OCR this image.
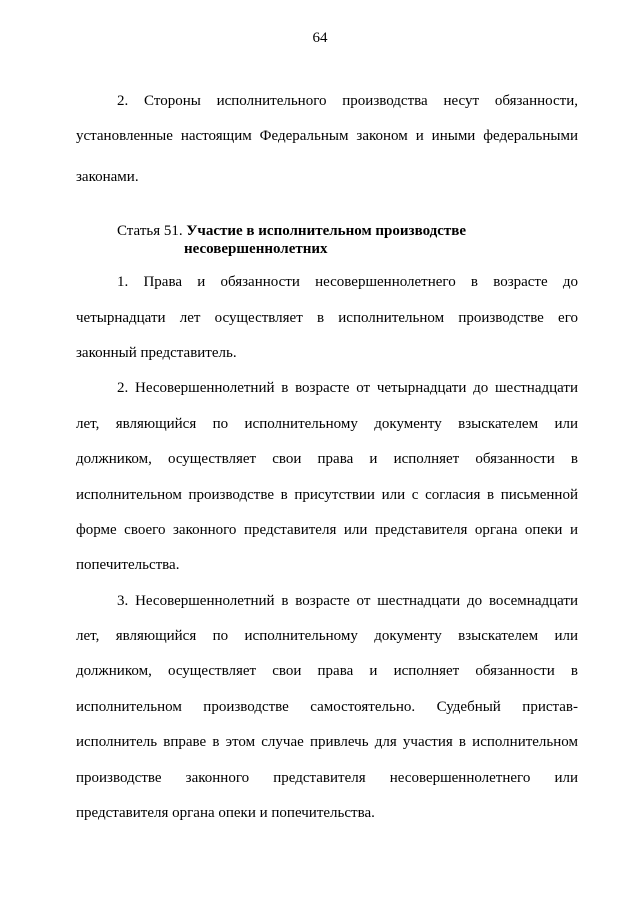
64
2. Стороны исполнительного производства несут обязанности,
установленные настоящим Федеральным законом и иными федеральными
законами.
Статья 51. Участие в исполнительном производстве
несовершеннолетних
1. Права и обязанности несовершеннолетнего в возрасте до
четырнадцати лет осуществляет в исполнительном производстве его
законный представитель.
2. Несовершеннолетний в возрасте от четырнадцати до шестнадцати
лет, являющийся по исполнительному документу взыскателем или
должником, осуществляет свои права и исполняет обязанности в
исполнительном производстве в присутствии или с согласия в письменной
форме своего законного представителя или представителя органа опеки и
попечительства.
3. Несовершеннолетний в возрасте от шестнадцати до восемнадцати
лет, являющийся по исполнительному документу взыскателем или
должником, осуществляет свои права и исполняет обязанности в
исполнительном производстве самостоятельно. Судебный пристав-
исполнитель вправе в этом случае привлечь для участия в исполнительном
производстве законного представителя несовершеннолетнего или
представителя органа опеки и попечительства.
